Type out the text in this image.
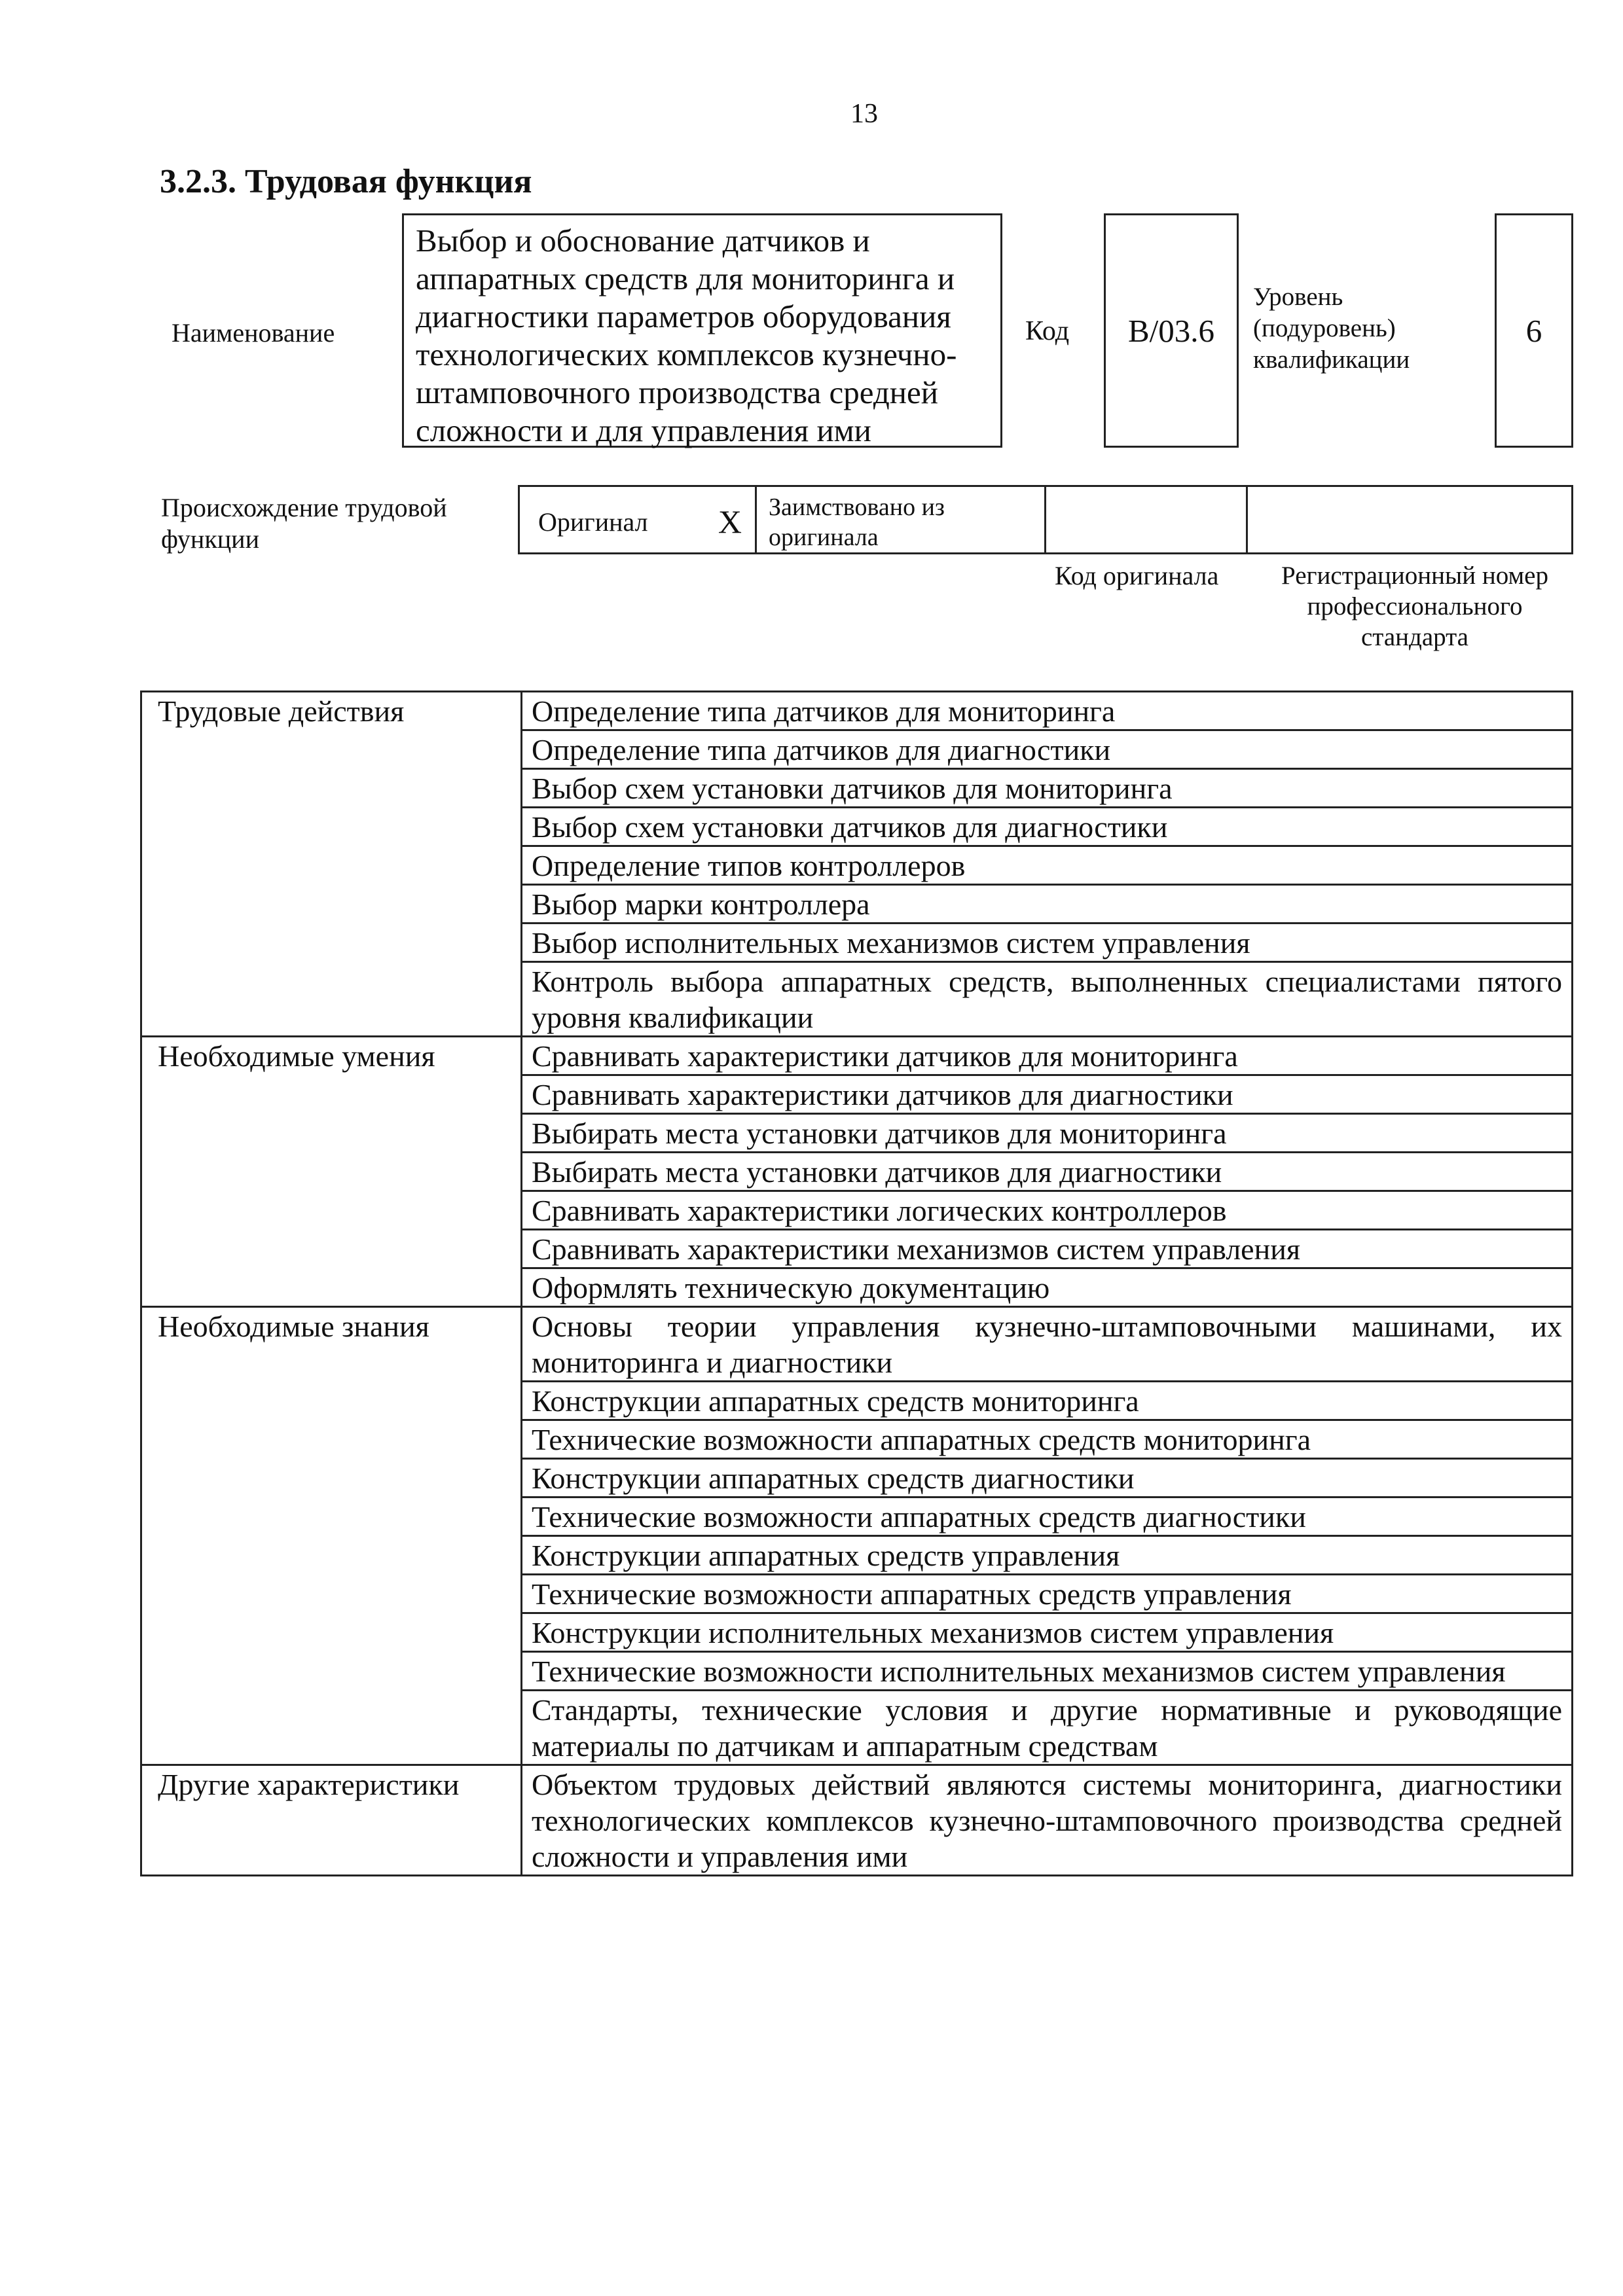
13
3.2.3. Трудовая функция
Наименование
Выбор и обоснование датчиков и аппаратных средств для мониторинга и диагностики параметров оборудования технологических комплексов кузнечно-штамповочного производства средней сложности и для управления ими
Код B/03.6
Уровень (подуровень) квалификации
6
Происхождение трудовой функции
Оригинал X Заимствовано из оригинала
Код оригинала	Регистрационный номер профессионального стандарта
Трудовые действия	Определение типа датчиков для мониторинга
	Определение типа датчиков для диагностики
	Выбор схем установки датчиков для мониторинга
	Выбор схем установки датчиков для диагностики
	Определение типов контроллеров
	Выбор марки контроллера
	Выбор исполнительных механизмов систем управления
	Контроль выбора аппаратных средств, выполненных специалистами пятого уровня квалификации
Необходимые умения	Сравнивать характеристики датчиков для мониторинга
	Сравнивать характеристики датчиков для диагностики
	Выбирать места установки датчиков для мониторинга
	Выбирать места установки датчиков для диагностики
	Сравнивать характеристики логических контроллеров
	Сравнивать характеристики механизмов систем управления
	Оформлять техническую документацию
Необходимые знания	Основы теории управления кузнечно-штамповочными машинами, их мониторинга и диагностики
	Конструкции аппаратных средств мониторинга
	Технические возможности аппаратных средств мониторинга
	Конструкции аппаратных средств диагностики
	Технические возможности аппаратных средств диагностики
	Конструкции аппаратных средств управления
	Технические возможности аппаратных средств управления
	Конструкции исполнительных механизмов систем управления
	Технические возможности исполнительных механизмов систем управления
	Стандарты, технические условия и другие нормативные и руководящие материалы по датчикам и аппаратным средствам
Другие характеристики	Объектом трудовых действий являются системы мониторинга, диагностики технологических комплексов кузнечно-штамповочного производства средней сложности и управления ими
